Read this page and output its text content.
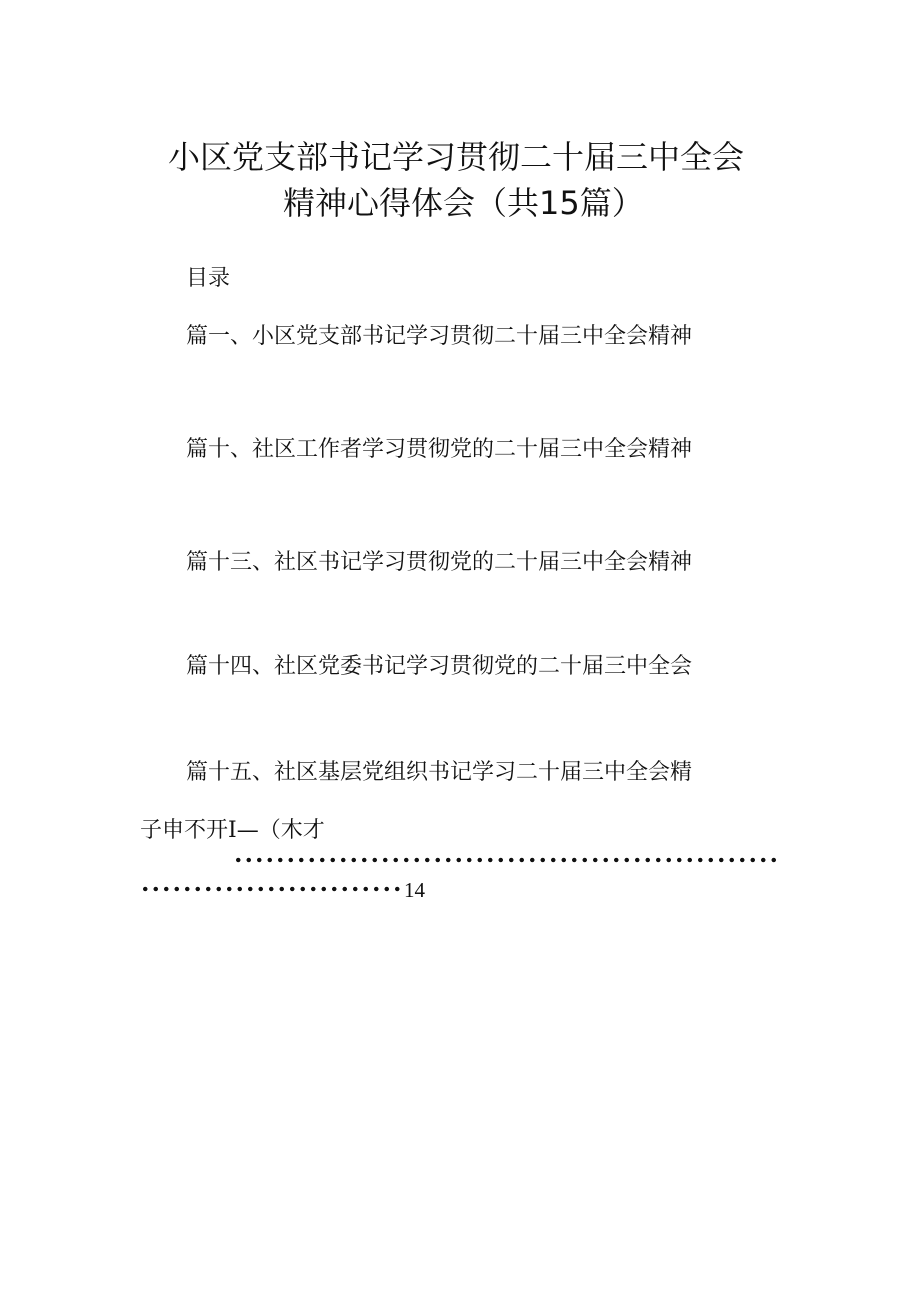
小区党支部书记学习贯彻二十届三中全会
精神心得体会（共15篇）
目录
篇一、小区党支部书记学习贯彻二十届三中全会精神
篇十、社区工作者学习贯彻党的二十届三中全会精神
篇十三、社区书记学习贯彻党的二十届三中全会精神
篇十四、社区党委书记学习贯彻党的二十届三中全会
篇十五、社区基层党组织书记学习二十届三中全会精
子申不开I—（木才
14
